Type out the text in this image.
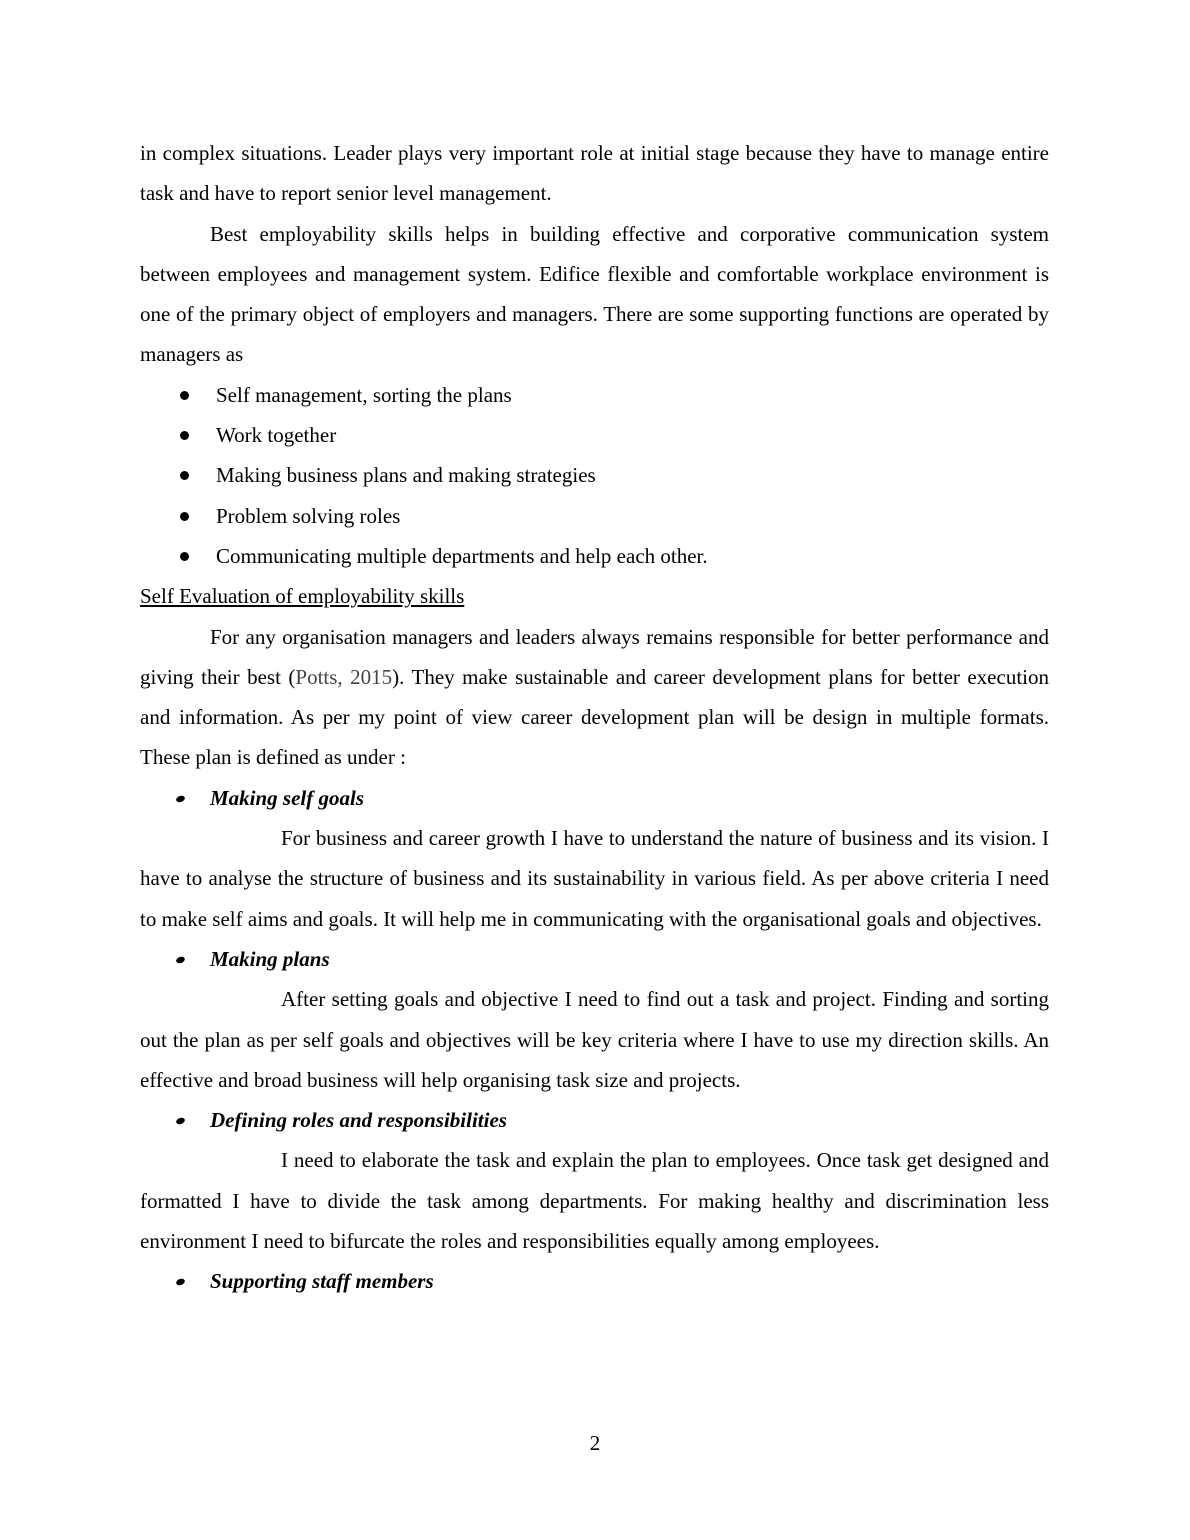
in complex situations. Leader plays very important role at initial stage because they have to manage entire task and have to report senior level management.

Best employability skills helps in building effective and corporative communication system between employees and management system. Edifice flexible and comfortable workplace environment is one of the primary object of employers and managers. There are some supporting functions are operated by managers as

Self management, sorting the plans
Work together
Making business plans and making strategies
Problem solving roles
Communicating multiple departments and help each other.
Self Evaluation of employability skills

For any organisation managers and leaders always remains responsible for better performance and giving their best (Potts, 2015). They make sustainable and career development plans for better execution and information. As per my point of view career development plan will be design in multiple formats. These plan is defined as under :

Making self goals

For business and career growth I have to understand the nature of business and its vision. I have to analyse the structure of business and its sustainability in various field. As per above criteria I need to make self aims and goals. It will help me in communicating with the organisational goals and objectives.

Making plans

After setting goals and objective I need to find out a task and project. Finding and sorting out the plan as per self goals and objectives will be key criteria where I have to use my direction skills. An effective and broad business will help organising task size and projects.

Defining roles and responsibilities

I need to elaborate the task and explain the plan to employees. Once task get designed and formatted I have to divide the task among departments. For making healthy and discrimination less environment I need to bifurcate the roles and responsibilities equally among employees.

Supporting staff members
2
